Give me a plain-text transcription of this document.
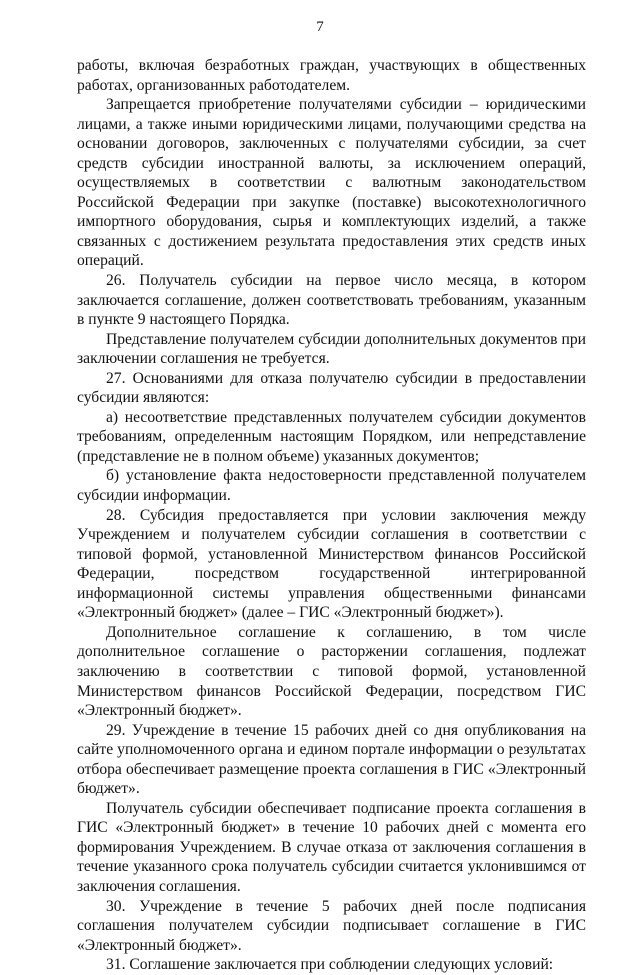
7

работы, включая безработных граждан, участвующих в общественных работах, организованных работодателем.

Запрещается приобретение получателями субсидии – юридическими лицами, а также иными юридическими лицами, получающими средства на основании договоров, заключенных с получателями субсидии, за счет средств субсидии иностранной валюты, за исключением операций, осуществляемых в соответствии с валютным законодательством Российской Федерации при закупке (поставке) высокотехнологичного импортного оборудования, сырья и комплектующих изделий, а также связанных с достижением результата предоставления этих средств иных операций.

26. Получатель субсидии на первое число месяца, в котором заключается соглашение, должен соответствовать требованиям, указанным в пункте 9 настоящего Порядка.

Представление получателем субсидии дополнительных документов при заключении соглашения не требуется.

27. Основаниями для отказа получателю субсидии в предоставлении субсидии являются:

а) несоответствие представленных получателем субсидии документов требованиям, определенным настоящим Порядком, или непредставление (представление не в полном объеме) указанных документов;

б) установление факта недостоверности представленной получателем субсидии информации.

28. Субсидия предоставляется при условии заключения между Учреждением и получателем субсидии соглашения в соответствии с типовой формой, установленной Министерством финансов Российской Федерации, посредством государственной интегрированной информационной системы управления общественными финансами «Электронный бюджет» (далее – ГИС «Электронный бюджет»).

Дополнительное соглашение к соглашению, в том числе дополнительное соглашение о расторжении соглашения, подлежат заключению в соответствии с типовой формой, установленной Министерством финансов Российской Федерации, посредством ГИС «Электронный бюджет».

29. Учреждение в течение 15 рабочих дней со дня опубликования на сайте уполномоченного органа и едином портале информации о результатах отбора обеспечивает размещение проекта соглашения в ГИС «Электронный бюджет».

Получатель субсидии обеспечивает подписание проекта соглашения в ГИС «Электронный бюджет» в течение 10 рабочих дней с момента его формирования Учреждением. В случае отказа от заключения соглашения в течение указанного срока получатель субсидии считается уклонившимся от заключения соглашения.

30. Учреждение в течение 5 рабочих дней после подписания соглашения получателем субсидии подписывает соглашение в ГИС «Электронный бюджет».

31. Соглашение заключается при соблюдении следующих условий:
